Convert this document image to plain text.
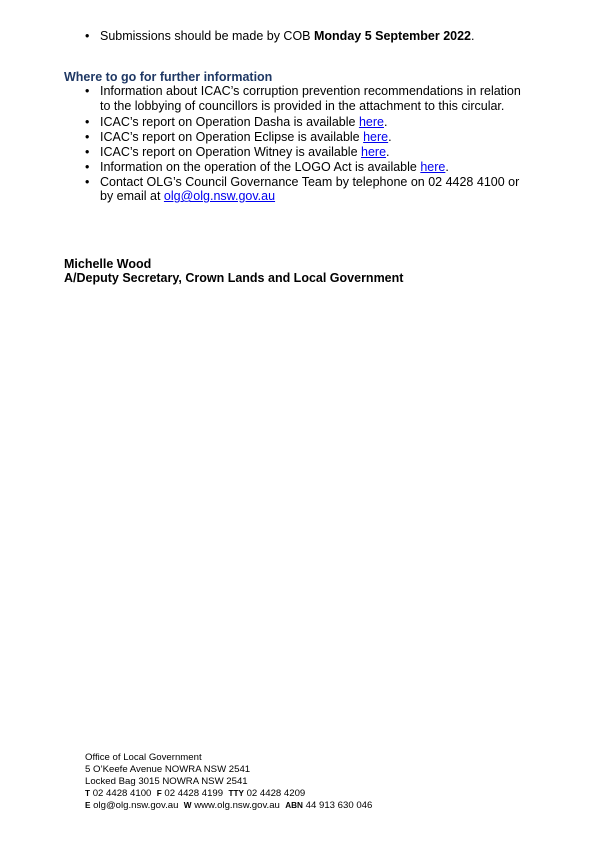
• Submissions should be made by COB Monday 5 September 2022.
Where to go for further information
• Information about ICAC’s corruption prevention recommendations in relation
to the lobbying of councillors is provided in the attachment to this circular.
• ICAC’s report on Operation Dasha is available here.
• ICAC’s report on Operation Eclipse is available here.
• ICAC’s report on Operation Witney is available here.
• Information on the operation of the LOGO Act is available here.
• Contact OLG’s Council Governance Team by telephone on 02 4428 4100 or
by email at olg@olg.nsw.gov.au
Michelle Wood
A/Deputy Secretary, Crown Lands and Local Government
Office of Local Government
5 O’Keefe Avenue NOWRA NSW 2541
Locked Bag 3015 NOWRA NSW 2541
T 02 4428 4100 F 02 4428 4199 TTY 02 4428 4209
E olg@olg.nsw.gov.au W www.olg.nsw.gov.au ABN 44 913 630 046
